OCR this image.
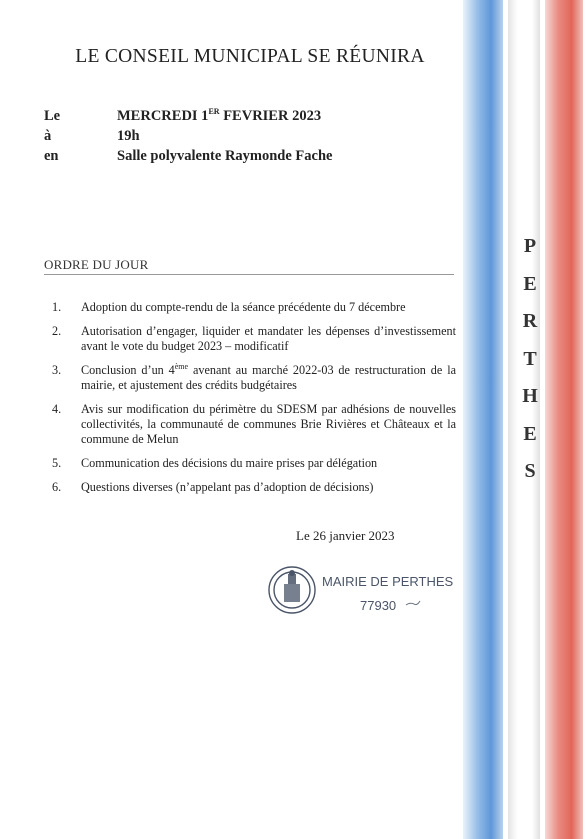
P
E
R
T
H
E
S
LE CONSEIL MUNICIPAL SE RÉUNIRA
Le	MERCREDI 1ER FEVRIER 2023
à	19h
en	Salle polyvalente Raymonde Fache
ORDRE DU JOUR
1. Adoption du compte-rendu de la séance précédente du 7 décembre
2. Autorisation d’engager, liquider et mandater les dépenses d’investissement avant le vote du budget 2023 – modificatif
3. Conclusion d’un 4ème avenant au marché 2022-03 de restructuration de la mairie, et ajustement des crédits budgétaires
4. Avis sur modification du périmètre du SDESM par adhésions de nouvelles collectivités, la communauté de communes Brie Rivières et Châteaux et la commune de Melun
5. Communication des décisions du maire prises par délégation
6. Questions diverses (n’appelant pas d’adoption de décisions)
Le 26 janvier 2023
MAIRIE DE PERTHES
77930
